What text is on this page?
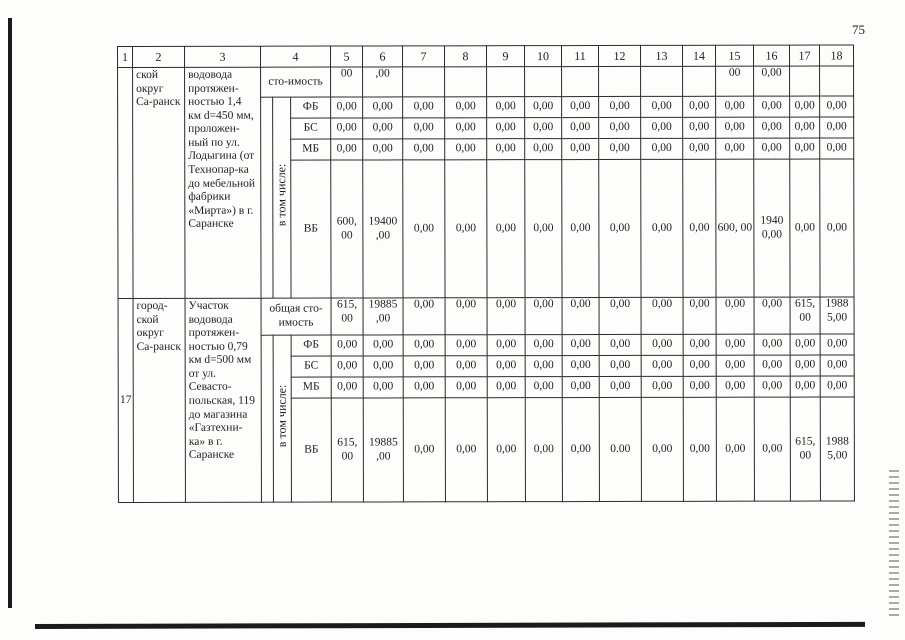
75
1	2	3	4			5	6	7	8	9	10	11	12	13	14	15	16	17	18
	ской округ Са-ранск	водовода протяжен-ностью 1,4 км d=450 мм, проложен-ный по ул. Лодыгина (от Технопар-ка до мебельной фабрики «Мирта») в г. Саранске	сто-имость			00	,00									00	0,00		
				в том числе:	ФБ	0,00	0,00	0,00	0,00	0,00	0,00	0,00	0,00	0,00	0,00	0,00	0,00	0,00	0,00
					БС	0,00	0,00	0,00	0,00	0,00	0,00	0,00	0,00	0,00	0,00	0,00	0,00	0,00	0,00
					МБ	0,00	0,00	0,00	0,00	0,00	0,00	0,00	0,00	0,00	0,00	0,00	0,00	0,00	0,00
					ВБ	600, 00	19400 ,00	0,00	0,00	0,00	0,00	0,00	0,00	0,00	0,00	600, 00	1940 0,00	0,00	0,00
17	город-ской округ Са-ранск	Участок водовода протяжен-ностью 0,79 км d=500 мм от ул. Севасто-польская, 119 до магазина «Газтехни-ка» в г. Саранске	общая сто-имость			615, 00	19885 ,00	0,00	0,00	0,00	0,00	0,00	0,00	0,00	0,00	0,00	0,00	615, 00	1988 5,00
				в том числе:	ФБ	0,00	0,00	0,00	0,00	0,00	0,00	0,00	0,00	0,00	0,00	0,00	0,00	0,00	0,00
					БС	0,00	0,00	0,00	0,00	0,00	0,00	0,00	0,00	0,00	0,00	0,00	0,00	0,00	0,00
					МБ	0,00	0,00	0,00	0,00	0,00	0,00	0,00	0,00	0,00	0,00	0,00	0,00	0,00	0,00
					ВБ	615, 00	19885 ,00	0,00	0,00	0,00	0,00	0,00	0.00	0,00	0,00	0,00	0,00	615, 00	1988 5,00
